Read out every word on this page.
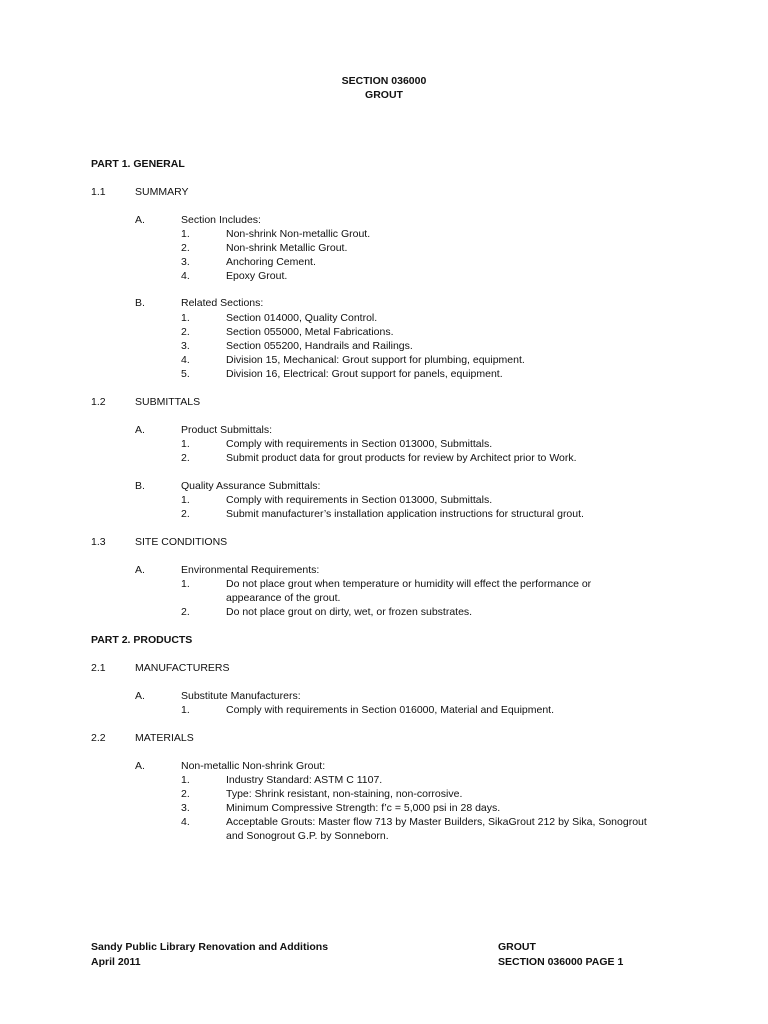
SECTION 036000
GROUT
PART 1. GENERAL
1.1	SUMMARY
A.	Section Includes:
1.	Non-shrink Non-metallic Grout.
2.	Non-shrink Metallic Grout.
3.	Anchoring Cement.
4.	Epoxy Grout.
B.	Related Sections:
1.	Section 014000, Quality Control.
2.	Section 055000, Metal Fabrications.
3.	Section 055200, Handrails and Railings.
4.	Division 15, Mechanical: Grout support for plumbing, equipment.
5.	Division 16, Electrical: Grout support for panels, equipment.
1.2	SUBMITTALS
A.	Product Submittals:
1.	Comply with requirements in Section 013000, Submittals.
2.	Submit product data for grout products for review by Architect prior to Work.
B.	Quality Assurance Submittals:
1.	Comply with requirements in Section 013000, Submittals.
2.	Submit manufacturer’s installation application instructions for structural grout.
1.3	SITE CONDITIONS
A.	Environmental Requirements:
1.	Do not place grout when temperature or humidity will effect the performance or
appearance of the grout.
2.	Do not place grout on dirty, wet, or frozen substrates.
PART 2. PRODUCTS
2.1	MANUFACTURERS
A.	Substitute Manufacturers:
1.	Comply with requirements in Section 016000, Material and Equipment.
2.2	MATERIALS
A.	Non-metallic Non-shrink Grout:
1.	Industry Standard: ASTM C 1107.
2.	Type: Shrink resistant, non-staining, non-corrosive.
3.	Minimum Compressive Strength: f’c = 5,000 psi in 28 days.
4.	Acceptable Grouts: Master flow 713 by Master Builders, SikaGrout 212 by Sika, Sonogrout
and Sonogrout G.P. by Sonneborn.
Sandy Public Library Renovation and Additions
April 2011
GROUT
SECTION 036000 PAGE 1
